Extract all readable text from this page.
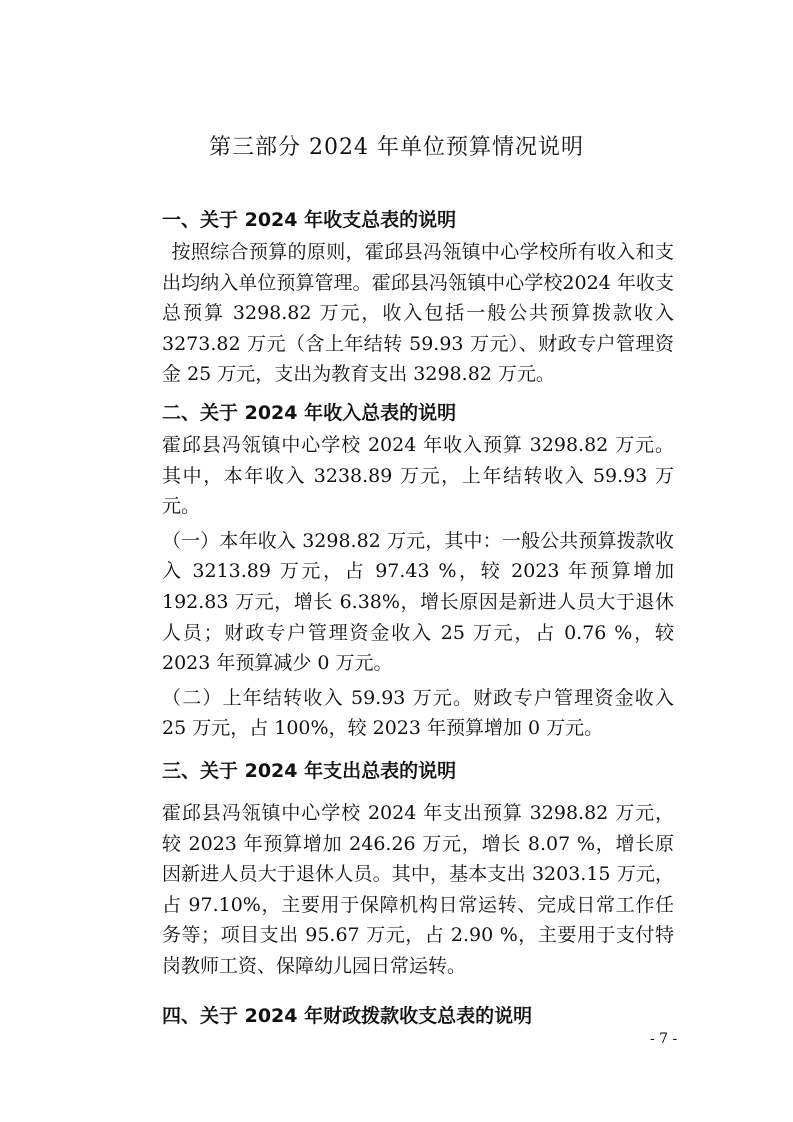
第三部分 2024 年单位预算情况说明

一、关于 2024 年收支总表的说明

按照综合预算的原则，霍邱县冯瓴镇中心学校所有收入和支出均纳入单位预算管理。霍邱县冯瓴镇中心学校2024 年收支总预算 3298.82 万元，收入包括一般公共预算拨款收入 3273.82 万元（含上年结转 59.93 万元）、财政专户管理资金 25 万元，支出为教育支出 3298.82 万元。

二、关于 2024 年收入总表的说明

霍邱县冯瓴镇中心学校 2024 年收入预算 3298.82 万元。其中，本年收入 3238.89 万元，上年结转收入 59.93 万元。

（一）本年收入 3298.82 万元，其中：一般公共预算拨款收入 3213.89 万元，占 97.43 %，较 2023 年预算增加 192.83 万元，增长 6.38%，增长原因是新进人员大于退休人员；财政专户管理资金收入 25 万元，占 0.76 %，较 2023 年预算减少 0 万元。

（二）上年结转收入 59.93 万元。财政专户管理资金收入 25 万元，占 100%，较 2023 年预算增加 0 万元。

三、关于 2024 年支出总表的说明

霍邱县冯瓴镇中心学校 2024 年支出预算 3298.82 万元，较 2023 年预算增加 246.26 万元，增长 8.07 %，增长原因新进人员大于退休人员。其中，基本支出 3203.15 万元，占 97.10%，主要用于保障机构日常运转、完成日常工作任务等；项目支出 95.67 万元，占 2.90 %，主要用于支付特岗教师工资、保障幼儿园日常运转。

四、关于 2024 年财政拨款收支总表的说明

- 7 -
